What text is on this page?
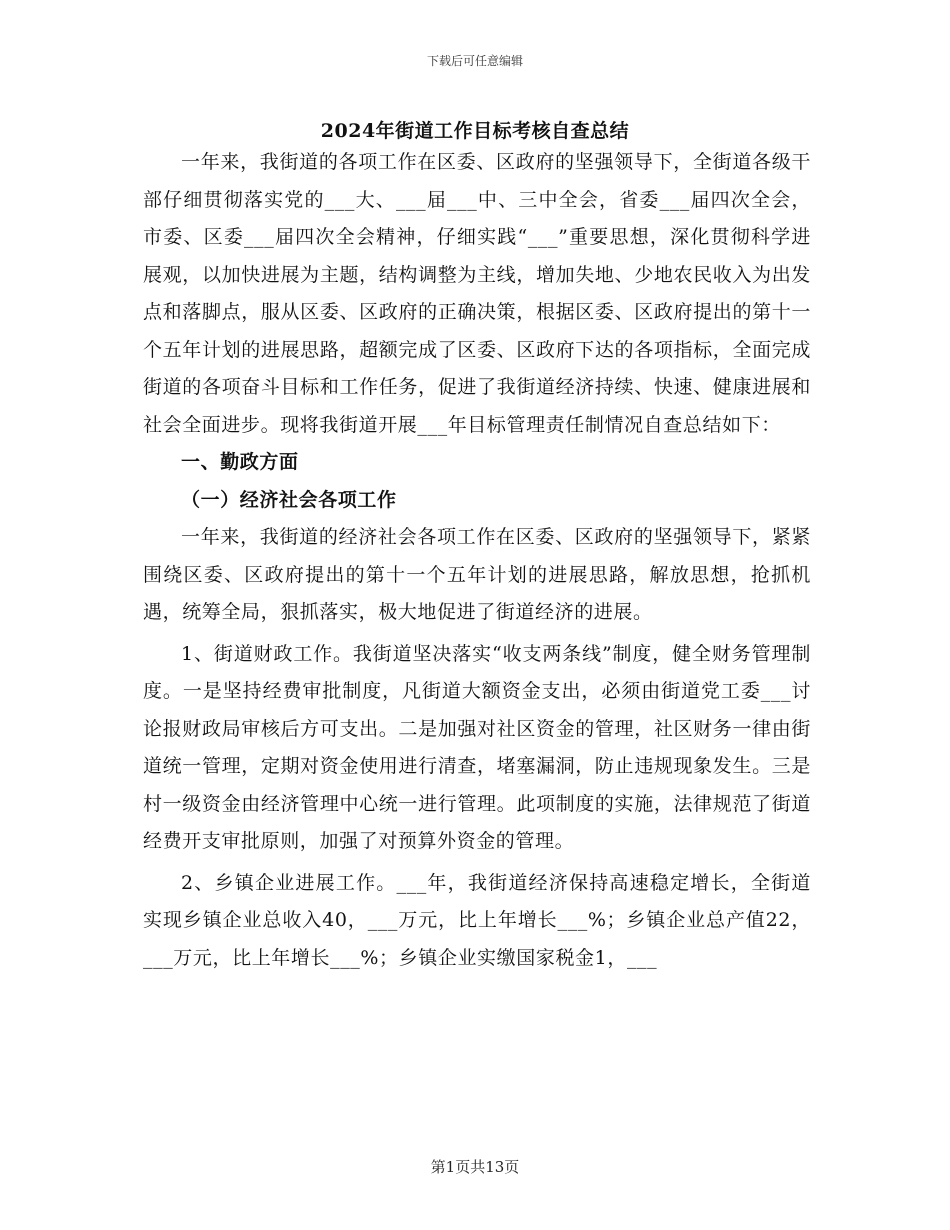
下载后可任意编辑
2024年街道工作目标考核自查总结

一年来，我街道的各项工作在区委、区政府的坚强领导下，全街道各级干部仔细贯彻落实党的___大、___届___中、三中全会，省委___届四次全会，市委、区委___届四次全会精神，仔细实践“___”重要思想，深化贯彻科学进展观，以加快进展为主题，结构调整为主线，增加失地、少地农民收入为出发点和落脚点，服从区委、区政府的正确决策，根据区委、区政府提出的第十一个五年计划的进展思路，超额完成了区委、区政府下达的各项指标，全面完成街道的各项奋斗目标和工作任务，促进了我街道经济持续、快速、健康进展和社会全面进步。现将我街道开展___年目标管理责任制情况自查总结如下：

一、勤政方面

（一）经济社会各项工作

一年来，我街道的经济社会各项工作在区委、区政府的坚强领导下，紧紧围绕区委、区政府提出的第十一个五年计划的进展思路，解放思想，抢抓机遇，统筹全局，狠抓落实，极大地促进了街道经济的进展。

1、街道财政工作。我街道坚决落实“收支两条线”制度，健全财务管理制度。一是坚持经费审批制度，凡街道大额资金支出，必须由街道党工委___讨论报财政局审核后方可支出。二是加强对社区资金的管理，社区财务一律由街道统一管理，定期对资金使用进行清查，堵塞漏洞，防止违规现象发生。三是村一级资金由经济管理中心统一进行管理。此项制度的实施，法律规范了街道经费开支审批原则，加强了对预算外资金的管理。

2、乡镇企业进展工作。___年，我街道经济保持高速稳定增长，全街道实现乡镇企业总收入40，___万元，比上年增长___%；乡镇企业总产值22，___万元，比上年增长___%；乡镇企业实缴国家税金1，___

第1页共13页
